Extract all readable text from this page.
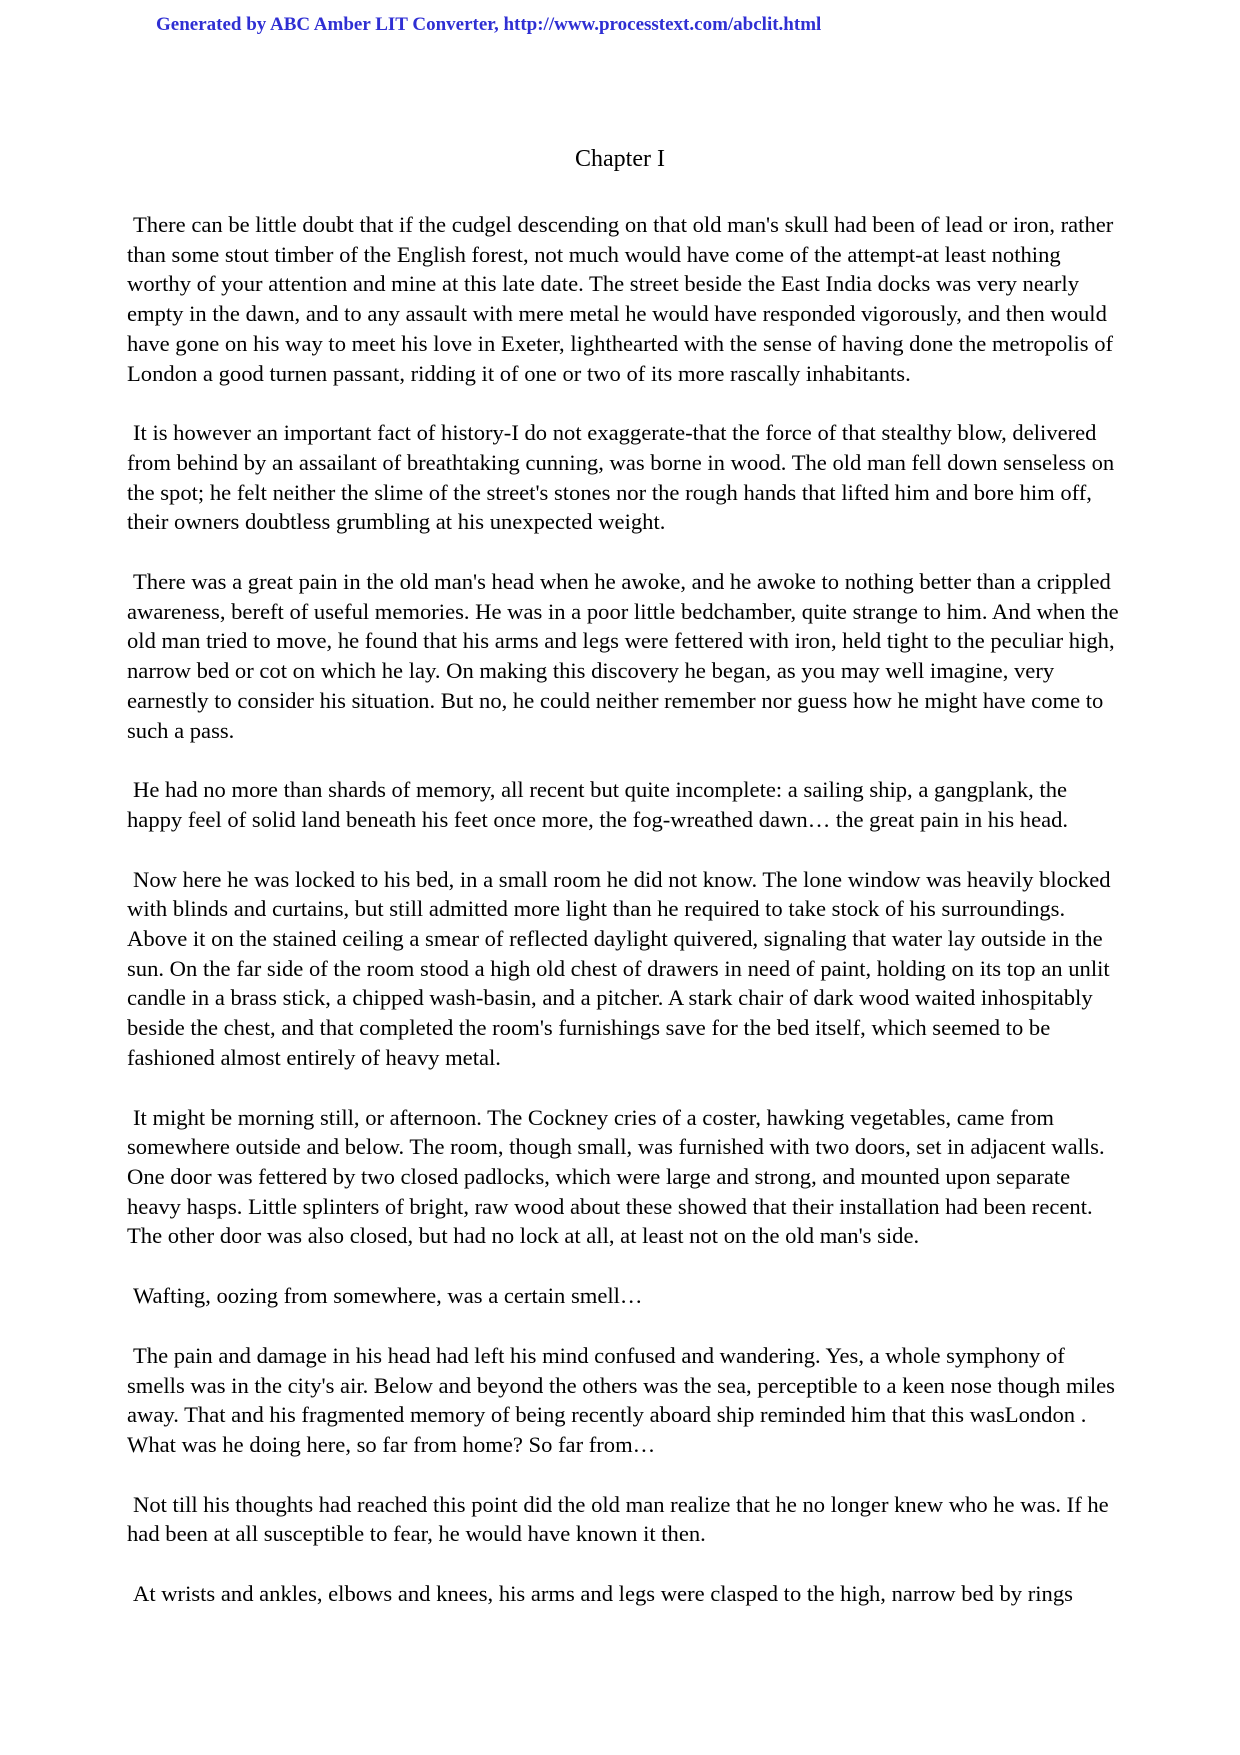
Generated by ABC Amber LIT Converter, http://www.processtext.com/abclit.html
Chapter I

There can be little doubt that if the cudgel descending on that old man's skull had been of lead or iron, rather than some stout timber of the English forest, not much would have come of the attempt-at least nothing worthy of your attention and mine at this late date. The street beside the East India docks was very nearly empty in the dawn, and to any assault with mere metal he would have responded vigorously, and then would have gone on his way to meet his love in Exeter, lighthearted with the sense of having done the metropolis of London a good turnen passant, ridding it of one or two of its more rascally inhabitants.

It is however an important fact of history-I do not exaggerate-that the force of that stealthy blow, delivered from behind by an assailant of breathtaking cunning, was borne in wood. The old man fell down senseless on the spot; he felt neither the slime of the street's stones nor the rough hands that lifted him and bore him off, their owners doubtless grumbling at his unexpected weight.

There was a great pain in the old man's head when he awoke, and he awoke to nothing better than a crippled awareness, bereft of useful memories. He was in a poor little bedchamber, quite strange to him. And when the old man tried to move, he found that his arms and legs were fettered with iron, held tight to the peculiar high, narrow bed or cot on which he lay. On making this discovery he began, as you may well imagine, very earnestly to consider his situation. But no, he could neither remember nor guess how he might have come to such a pass.

He had no more than shards of memory, all recent but quite incomplete: a sailing ship, a gangplank, the happy feel of solid land beneath his feet once more, the fog-wreathed dawn… the great pain in his head.

Now here he was locked to his bed, in a small room he did not know. The lone window was heavily blocked with blinds and curtains, but still admitted more light than he required to take stock of his surroundings. Above it on the stained ceiling a smear of reflected daylight quivered, signaling that water lay outside in the sun. On the far side of the room stood a high old chest of drawers in need of paint, holding on its top an unlit candle in a brass stick, a chipped wash-basin, and a pitcher. A stark chair of dark wood waited inhospitably beside the chest, and that completed the room's furnishings save for the bed itself, which seemed to be fashioned almost entirely of heavy metal.

It might be morning still, or afternoon. The Cockney cries of a coster, hawking vegetables, came from somewhere outside and below. The room, though small, was furnished with two doors, set in adjacent walls. One door was fettered by two closed padlocks, which were large and strong, and mounted upon separate heavy hasps. Little splinters of bright, raw wood about these showed that their installation had been recent. The other door was also closed, but had no lock at all, at least not on the old man's side.

Wafting, oozing from somewhere, was a certain smell…

The pain and damage in his head had left his mind confused and wandering. Yes, a whole symphony of smells was in the city's air. Below and beyond the others was the sea, perceptible to a keen nose though miles away. That and his fragmented memory of being recently aboard ship reminded him that this wasLondon . What was he doing here, so far from home? So far from…

Not till his thoughts had reached this point did the old man realize that he no longer knew who he was. If he had been at all susceptible to fear, he would have known it then.

At wrists and ankles, elbows and knees, his arms and legs were clasped to the high, narrow bed by rings
